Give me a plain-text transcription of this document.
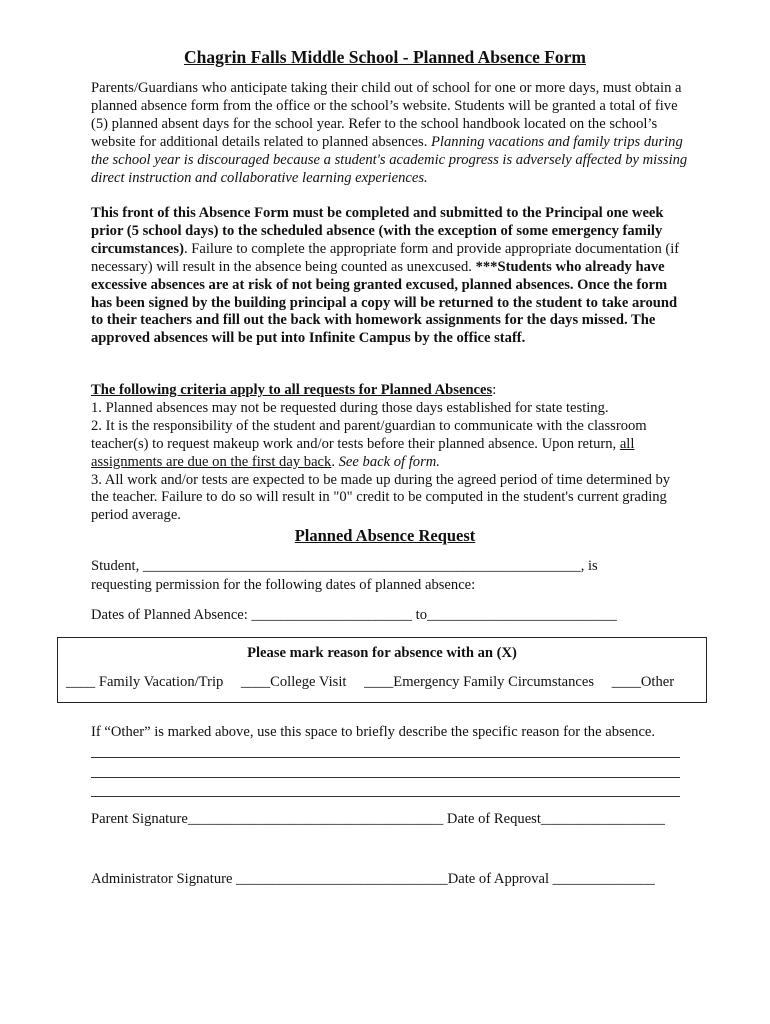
Chagrin Falls Middle School - Planned Absence Form

Parents/Guardians who anticipate taking their child out of school for one or more days, must obtain a planned absence form from the office or the school’s website. Students will be granted a total of five (5) planned absent days for the school year. Refer to the school handbook located on the school’s website for additional details related to planned absences. Planning vacations and family trips during the school year is discouraged because a student's academic progress is adversely affected by missing direct instruction and collaborative learning experiences.

This front of this Absence Form must be completed and submitted to the Principal one week prior (5 school days) to the scheduled absence (with the exception of some emergency family circumstances). Failure to complete the appropriate form and provide appropriate documentation (if necessary) will result in the absence being counted as unexcused. ***Students who already have excessive absences are at risk of not being granted excused, planned absences. Once the form has been signed by the building principal a copy will be returned to the student to take around to their teachers and fill out the back with homework assignments for the days missed. The approved absences will be put into Infinite Campus by the office staff.

The following criteria apply to all requests for Planned Absences:
1. Planned absences may not be requested during those days established for state testing.
2. It is the responsibility of the student and parent/guardian to communicate with the classroom teacher(s) to request makeup work and/or tests before their planned absence. Upon return, all assignments are due on the first day back. See back of form.
3. All work and/or tests are expected to be made up during the agreed period of time determined by the teacher. Failure to do so will result in "0" credit to be computed in the student's current grading period average.
Planned Absence Request
Student, ____________________________________________________________, is
requesting permission for the following dates of planned absence:
Dates of Planned Absence: ______________________ to__________________________
Please mark reason for absence with an (X)
____ Family Vacation/Trip ____College Visit ____Emergency Family Circumstances ____Other
If “Other” is marked above, use this space to briefly describe the specific reason for the absence.
Parent Signature___________________________________ Date of Request_________________
Administrator Signature _____________________________Date of Approval ______________
